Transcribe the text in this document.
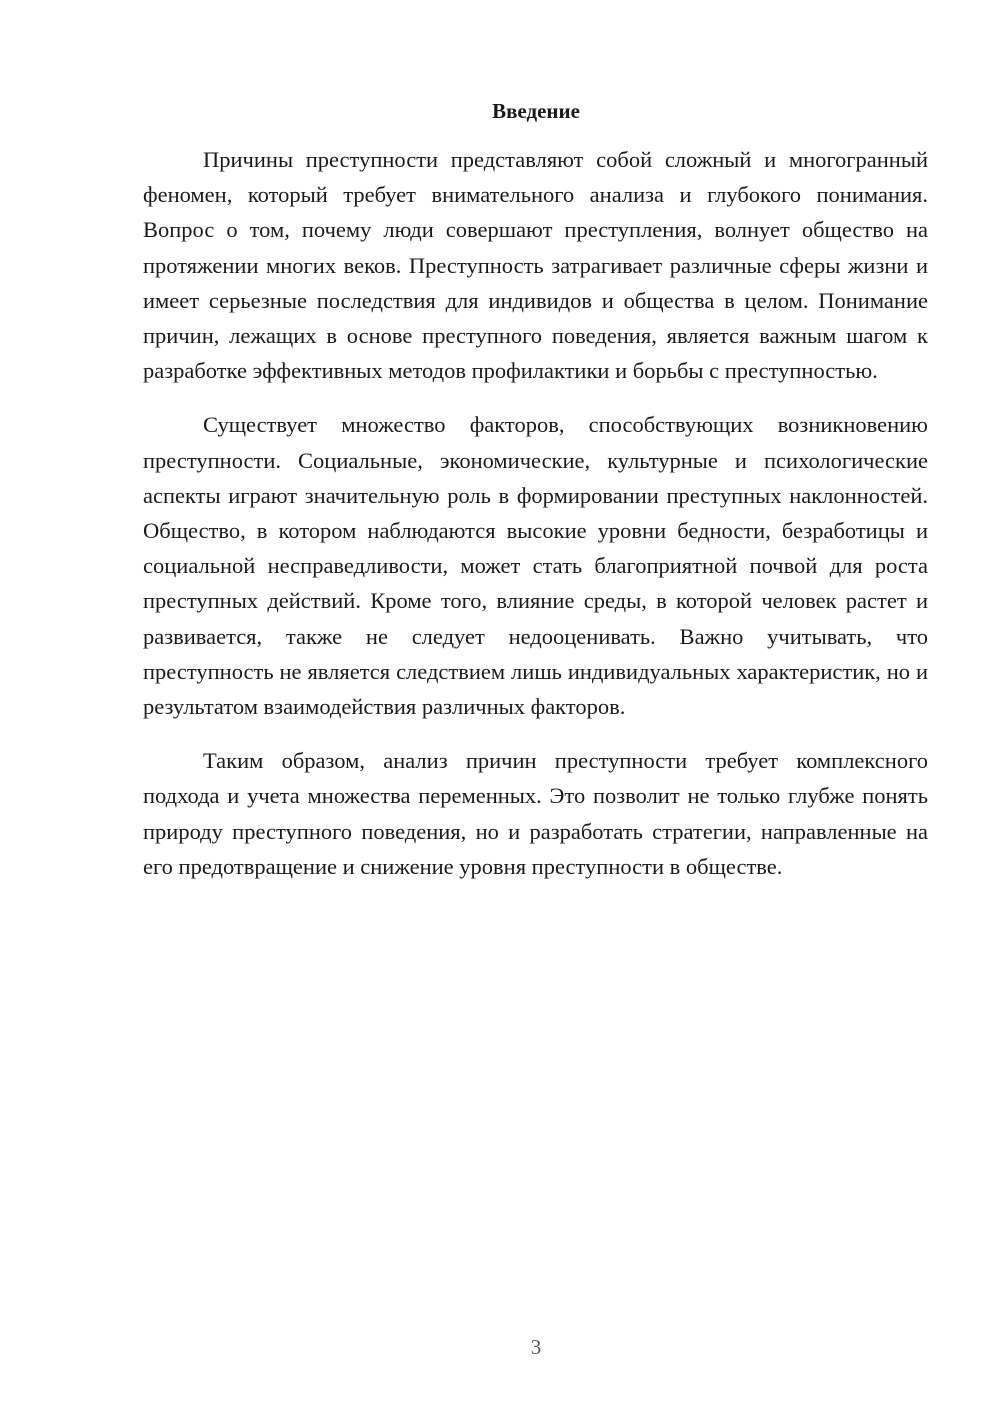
Введение

Причины преступности представляют собой сложный и многогранный феномен, который требует внимательного анализа и глубокого понимания. Вопрос о том, почему люди совершают преступления, волнует общество на протяжении многих веков. Преступность затрагивает различные сферы жизни и имеет серьезные последствия для индивидов и общества в целом. Понимание причин, лежащих в основе преступного поведения, является важным шагом к разработке эффективных методов профилактики и борьбы с преступностью.

Существует множество факторов, способствующих возникновению преступности. Социальные, экономические, культурные и психологические аспекты играют значительную роль в формировании преступных наклонностей. Общество, в котором наблюдаются высокие уровни бедности, безработицы и социальной несправедливости, может стать благоприятной почвой для роста преступных действий. Кроме того, влияние среды, в которой человек растет и развивается, также не следует недооценивать. Важно учитывать, что преступность не является следствием лишь индивидуальных характеристик, но и результатом взаимодействия различных факторов.

Таким образом, анализ причин преступности требует комплексного подхода и учета множества переменных. Это позволит не только глубже понять природу преступного поведения, но и разработать стратегии, направленные на его предотвращение и снижение уровня преступности в обществе.

3
